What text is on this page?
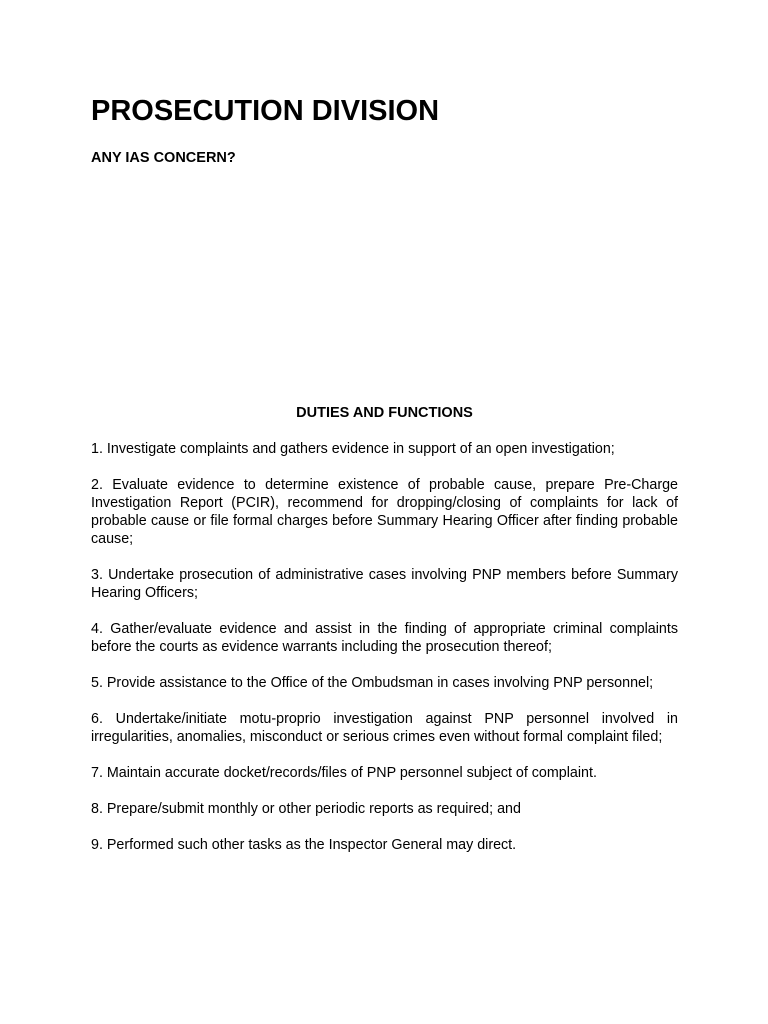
PROSECUTION DIVISION
ANY IAS CONCERN?
DUTIES AND FUNCTIONS
1. Investigate complaints and gathers evidence in support of an open investigation;
2. Evaluate evidence to determine existence of probable cause, prepare Pre-Charge Investigation Report (PCIR), recommend for dropping/closing of complaints for lack of probable cause or file formal charges before Summary Hearing Officer after finding probable cause;
3. Undertake prosecution of administrative cases involving PNP members before Summary Hearing Officers;
4. Gather/evaluate evidence and assist in the finding of appropriate criminal complaints before the courts as evidence warrants including the prosecution thereof;
5. Provide assistance to the Office of the Ombudsman in cases involving PNP personnel;
6. Undertake/initiate motu-proprio investigation against PNP personnel involved in irregularities, anomalies, misconduct or serious crimes even without formal complaint filed;
7. Maintain accurate docket/records/files of PNP personnel subject of complaint.
8. Prepare/submit monthly or other periodic reports as required; and
9. Performed such other tasks as the Inspector General may direct.
